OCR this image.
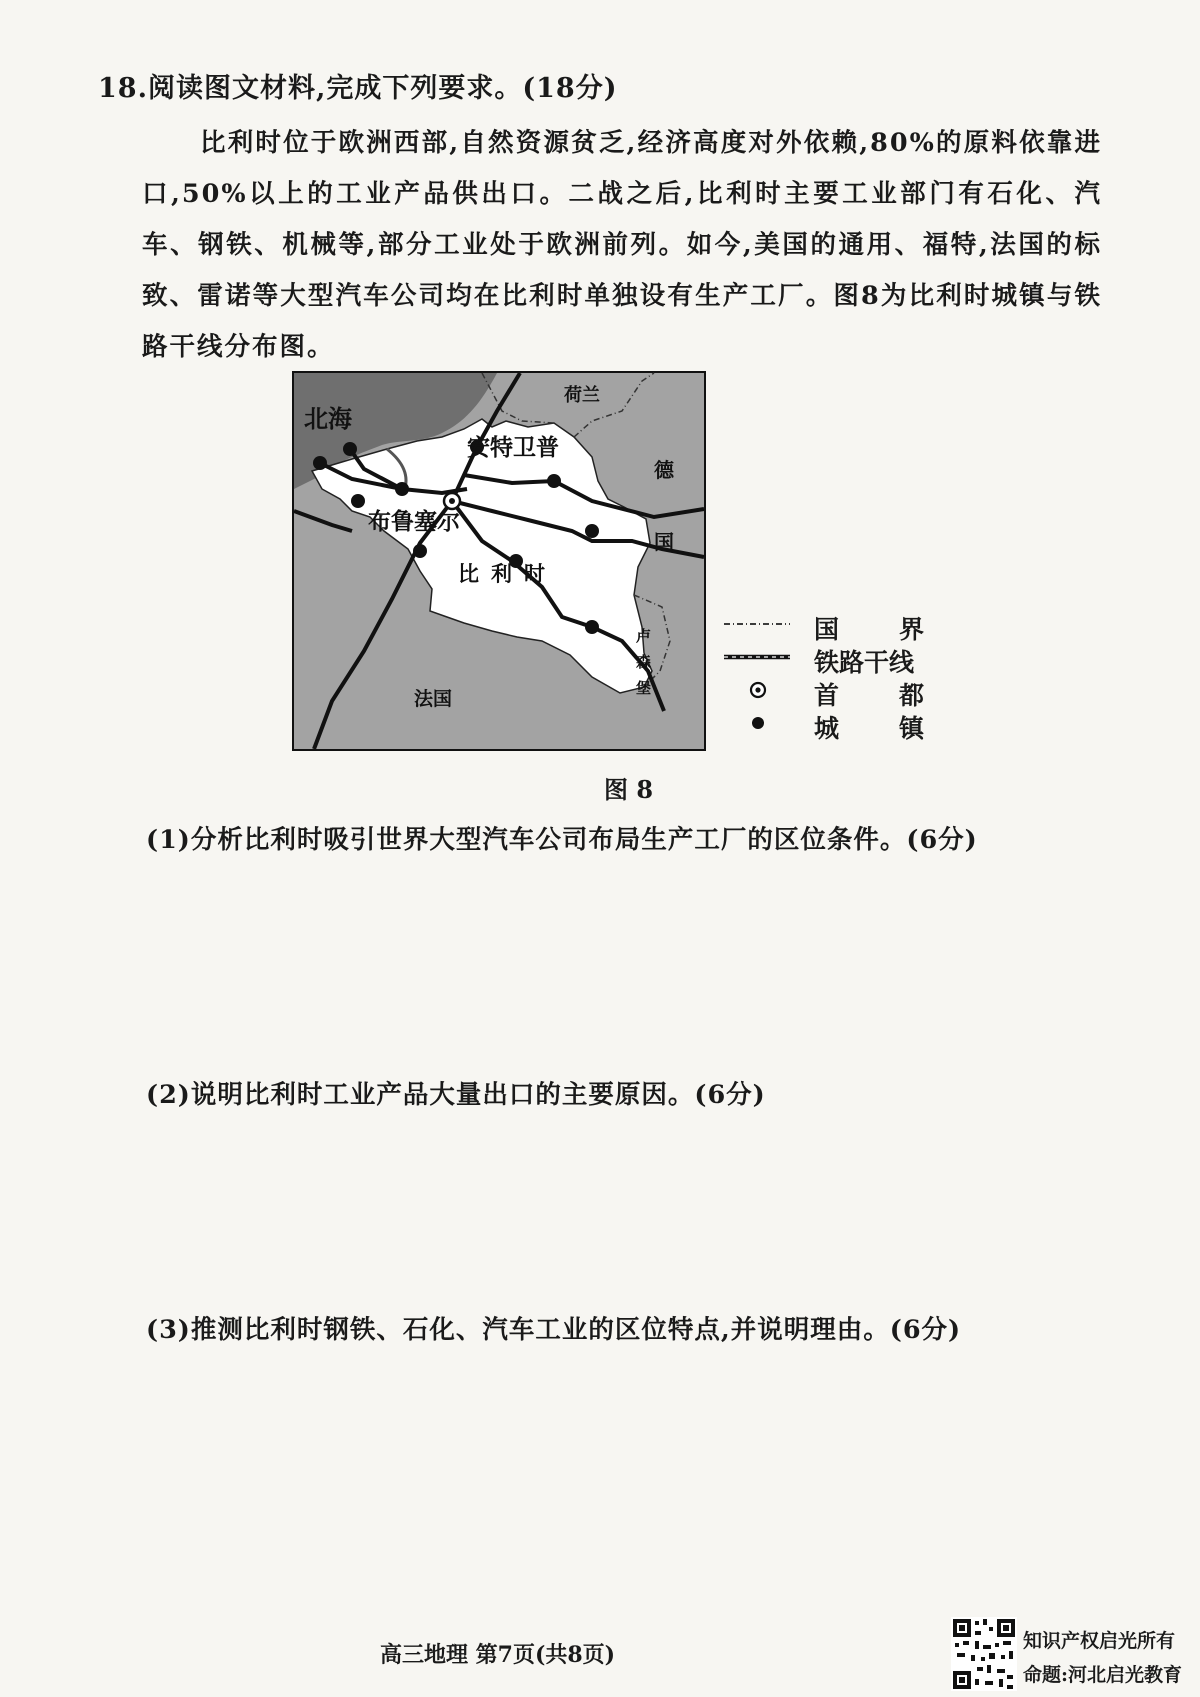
18.阅读图文材料,完成下列要求。(18分)
比利时位于欧洲西部,自然资源贫乏,经济高度对外依赖,80%的原料依靠进口,50%以上的工业产品供出口。二战之后,比利时主要工业部门有石化、汽车、钢铁、机械等,部分工业处于欧洲前列。如今,美国的通用、福特,法国的标致、雷诺等大型汽车公司均在比利时单独设有生产工厂。图8为比利时城镇与铁路干线分布图。
北海
荷兰
安特卫普
布鲁塞尔
比利时
德
国
卢
森
堡
法国
国 界
铁路干线
首 都
城 镇
图 8
(1)分析比利时吸引世界大型汽车公司布局生产工厂的区位条件。(6分)
(2)说明比利时工业产品大量出口的主要原因。(6分)
(3)推测比利时钢铁、石化、汽车工业的区位特点,并说明理由。(6分)
高三地理 第7页(共8页)
知识产权启光所有
命题:河北启光教育
